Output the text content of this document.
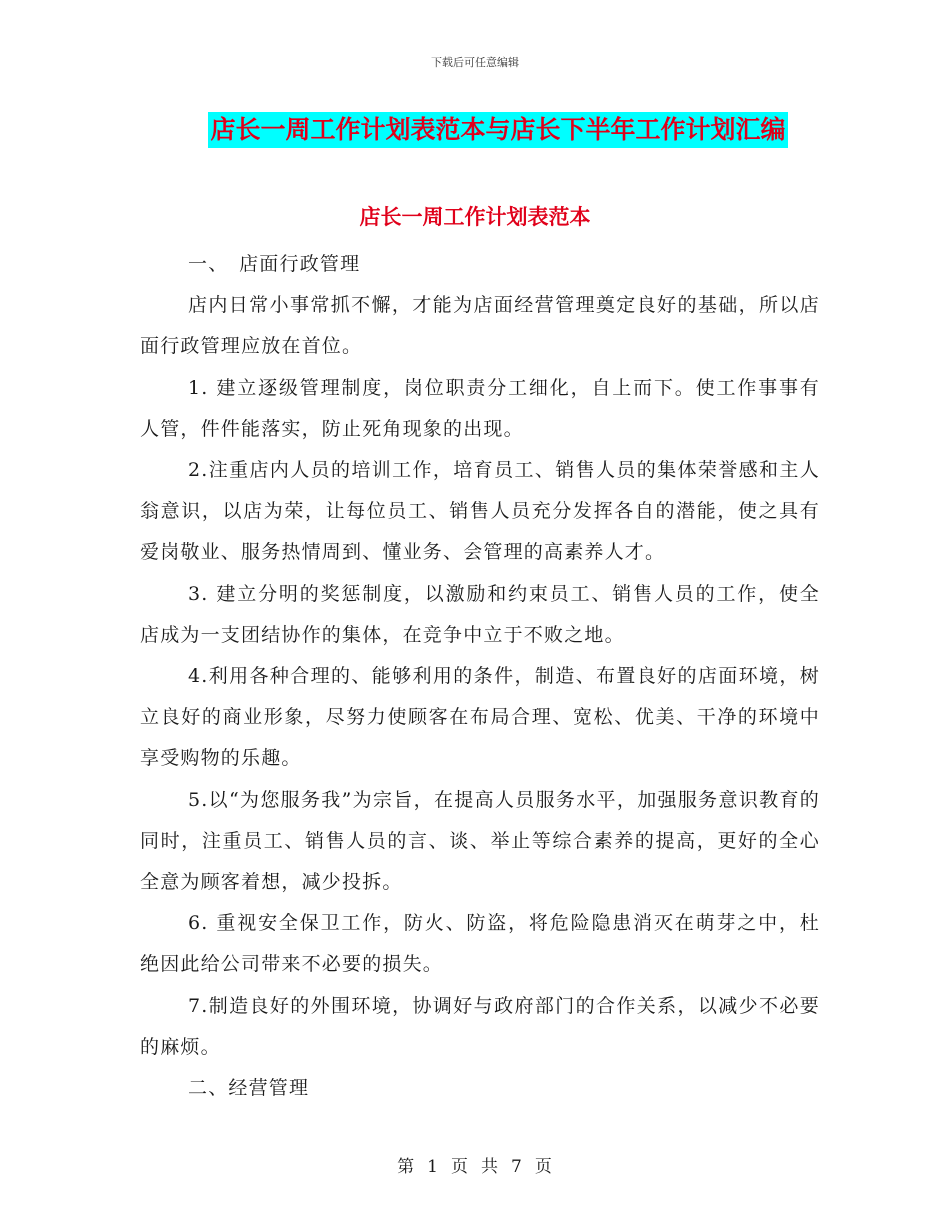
下载后可任意编辑
店长一周工作计划表范本与店长下半年工作计划汇编
店长一周工作计划表范本

一、　店面行政管理

店内日常小事常抓不懈，才能为店面经营管理奠定良好的基础，所以店面行政管理应放在首位。

1. 建立逐级管理制度，岗位职责分工细化，自上而下。使工作事事有人管，件件能落实，防止死角现象的出现。

2.注重店内人员的培训工作，培育员工、销售人员的集体荣誉感和主人翁意识，以店为荣，让每位员工、销售人员充分发挥各自的潜能，使之具有爱岗敬业、服务热情周到、懂业务、会管理的高素养人才。

3. 建立分明的奖惩制度，以激励和约束员工、销售人员的工作，使全店成为一支团结协作的集体，在竞争中立于不败之地。

4.利用各种合理的、能够利用的条件，制造、布置良好的店面环境，树立良好的商业形象，尽努力使顾客在布局合理、宽松、优美、干净的环境中享受购物的乐趣。

5.以“为您服务我”为宗旨，在提高人员服务水平，加强服务意识教育的同时，注重员工、销售人员的言、谈、举止等综合素养的提高，更好的全心全意为顾客着想，减少投拆。

6. 重视安全保卫工作，防火、防盗，将危险隐患消灭在萌芽之中，杜绝因此给公司带来不必要的损失。

7.制造良好的外围环境，协调好与政府部门的合作关系，以减少不必要的麻烦。

二、经营管理

第 1 页 共 7 页
